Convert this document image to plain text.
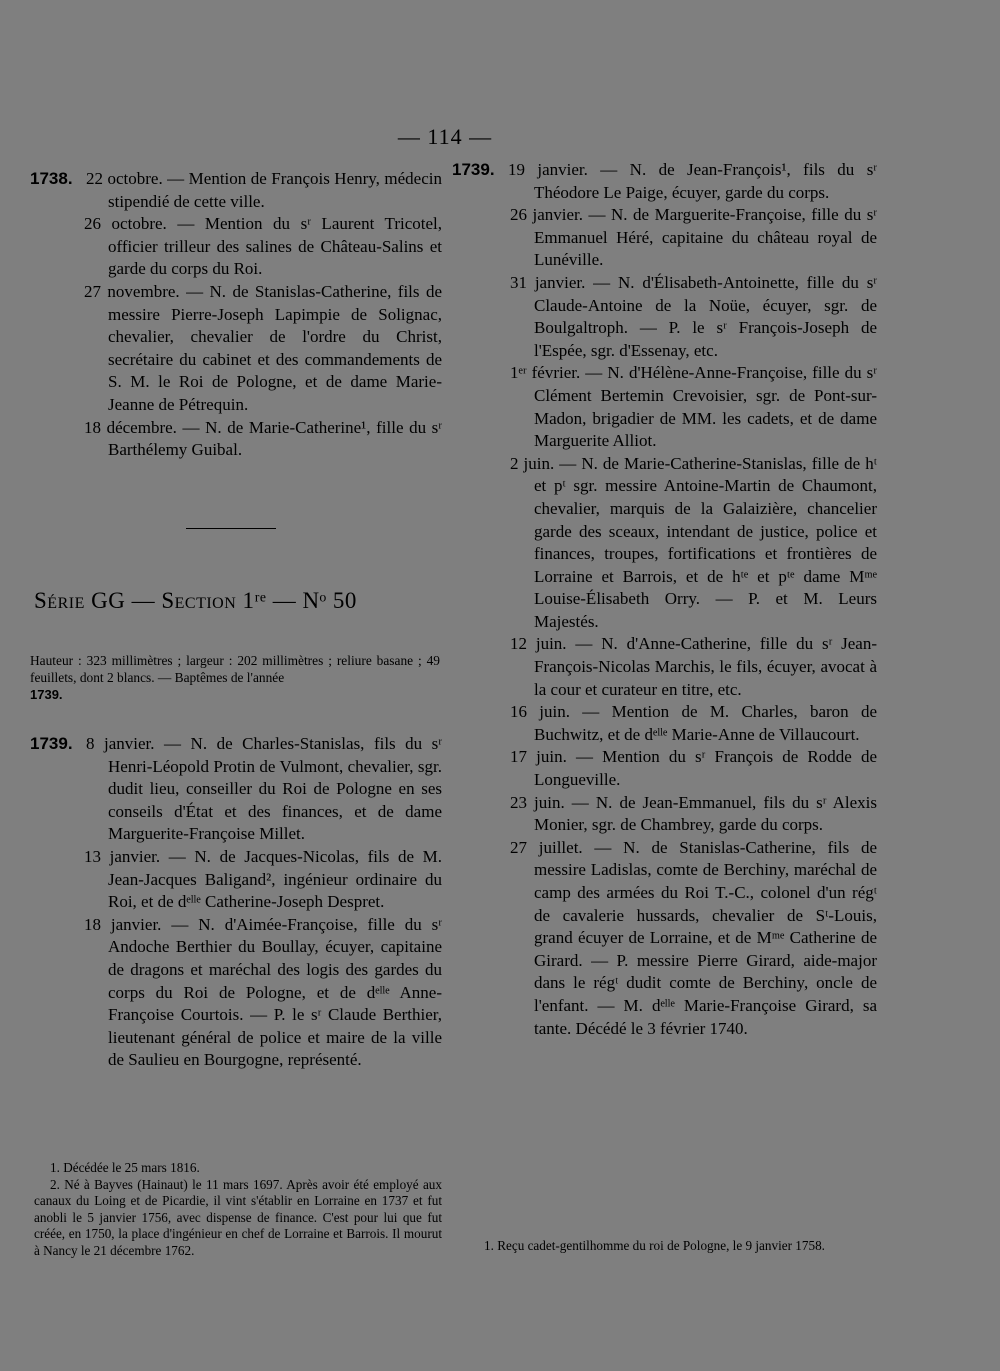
— 114 —

1738. 22 octobre. — Mention de François Henry, médecin stipendié de cette ville.

26 octobre. — Mention du sʳ Laurent Tricotel, officier trilleur des salines de Château-Salins et garde du corps du Roi.

27 novembre. — N. de Stanislas-Catherine, fils de messire Pierre-Joseph Lapimpie de Solignac, chevalier, chevalier de l'ordre du Christ, secrétaire du cabinet et des commandements de S. M. le Roi de Pologne, et de dame Marie-Jeanne de Pétrequin.

18 décembre. — N. de Marie-Catherine¹, fille du sʳ Barthélemy Guibal.

Série GG — Section 1ʳᵉ — Nᵒ 50
Hauteur : 323 millimètres ; largeur : 202 millimètres ; reliure basane ; 49 feuillets, dont 2 blancs. — Baptêmes de l'année
1739.

1739. 8 janvier. — N. de Charles-Stanislas, fils du sʳ Henri-Léopold Protin de Vulmont, chevalier, sgr. dudit lieu, conseiller du Roi de Pologne en ses conseils d'État et des finances, et de dame Marguerite-Françoise Millet.

13 janvier. — N. de Jacques-Nicolas, fils de M. Jean-Jacques Baligand², ingénieur ordinaire du Roi, et de dᵉˡˡᵉ Catherine-Joseph Despret.

18 janvier. — N. d'Aimée-Françoise, fille du sʳ Andoche Berthier du Boullay, écuyer, capitaine de dragons et maréchal des logis des gardes du corps du Roi de Pologne, et de dᵉˡˡᵉ Anne-Françoise Courtois. — P. le sʳ Claude Berthier, lieutenant général de police et maire de la ville de Saulieu en Bourgogne, représenté.

1. Décédée le 25 mars 1816.

2. Né à Bayves (Hainaut) le 11 mars 1697. Après avoir été employé aux canaux du Loing et de Picardie, il vint s'établir en Lorraine en 1737 et fut anobli le 5 janvier 1756, avec dispense de finance. C'est pour lui que fut créée, en 1750, la place d'ingénieur en chef de Lorraine et Barrois. Il mourut à Nancy le 21 décembre 1762.

1739. 19 janvier. — N. de Jean-François¹, fils du sʳ Théodore Le Paige, écuyer, garde du corps.

26 janvier. — N. de Marguerite-Françoise, fille du sʳ Emmanuel Héré, capitaine du château royal de Lunéville.

31 janvier. — N. d'Élisabeth-Antoinette, fille du sʳ Claude-Antoine de la Noüe, écuyer, sgr. de Boulgaltroph. — P. le sʳ François-Joseph de l'Espée, sgr. d'Essenay, etc.

1ᵉʳ février. — N. d'Hélène-Anne-Françoise, fille du sʳ Clément Bertemin Crevoisier, sgr. de Pont-sur-Madon, brigadier de MM. les cadets, et de dame Marguerite Alliot.

2 juin. — N. de Marie-Catherine-Stanislas, fille de hᵗ et pᵗ sgr. messire Antoine-Martin de Chaumont, chevalier, marquis de la Galaizière, chancelier garde des sceaux, intendant de justice, police et finances, troupes, fortifications et frontières de Lorraine et Barrois, et de hᵗᵉ et pᵗᵉ dame Mᵐᵉ Louise-Élisabeth Orry. — P. et M. Leurs Majestés.

12 juin. — N. d'Anne-Catherine, fille du sʳ Jean-François-Nicolas Marchis, le fils, écuyer, avocat à la cour et curateur en titre, etc.

16 juin. — Mention de M. Charles, baron de Buchwitz, et de dᵉˡˡᵉ Marie-Anne de Villaucourt.

17 juin. — Mention du sʳ François de Rodde de Longueville.

23 juin. — N. de Jean-Emmanuel, fils du sʳ Alexis Monier, sgr. de Chambrey, garde du corps.

27 juillet. — N. de Stanislas-Catherine, fils de messire Ladislas, comte de Berchiny, maréchal de camp des armées du Roi T.-C., colonel d'un régᵗ de cavalerie hussards, chevalier de Sᵗ-Louis, grand écuyer de Lorraine, et de Mᵐᵉ Catherine de Girard. — P. messire Pierre Girard, aide-major dans le régᵗ dudit comte de Berchiny, oncle de l'enfant. — M. dᵉˡˡᵉ Marie-Françoise Girard, sa tante. Décédé le 3 février 1740.

1. Reçu cadet-gentilhomme du roi de Pologne, le 9 janvier 1758.
